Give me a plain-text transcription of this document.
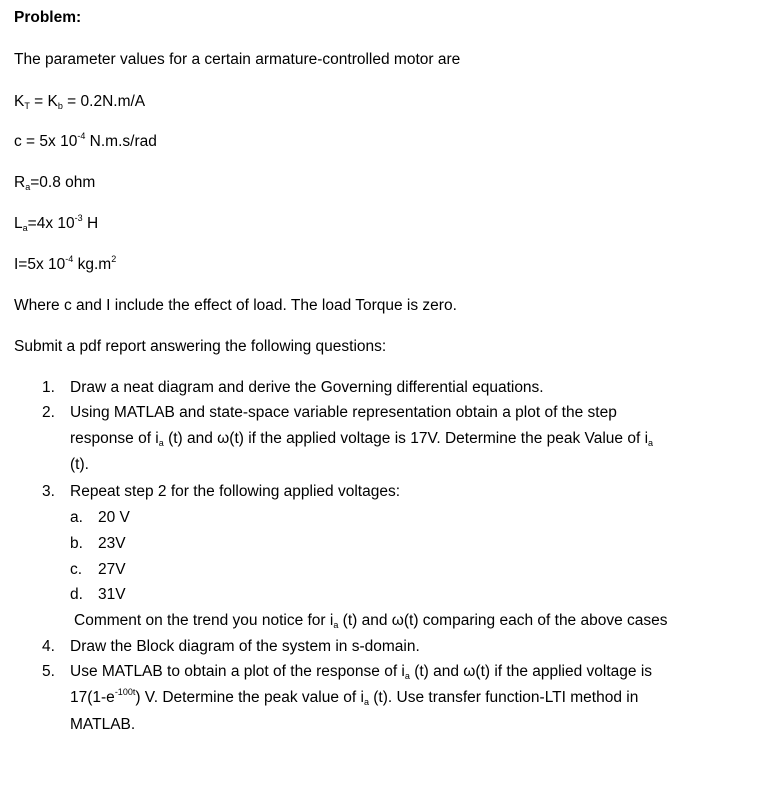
Problem:
The parameter values for a certain armature-controlled motor are
$K_T = K_b = 0.2N.m/A$
c = 5x $10^{-4}$ N.m.s/rad
$R_a=0.8$ ohm
$L_a=4x$ $10^{-3}$ H
I=5x $10^{-4}$ $kg.m^2$
Where c and I include the effect of load. The load Torque is zero.
Submit a pdf report answering the following questions:
1. Draw a neat diagram and derive the Governing differential equations.
2. Using MATLAB and state-space variable representation obtain a plot of the step
response of $i_a$ (t) and ω(t) if the applied voltage is 17V. Determine the peak Value of $i_a$
(t).
3. Repeat step 2 for the following applied voltages:
a. 20 V
b. 23V
c. 27V
d. 31V
Comment on the trend you notice for $i_a$ (t) and ω(t) comparing each of the above cases
4. Draw the Block diagram of the system in s-domain.
5. Use MATLAB to obtain a plot of the response of $i_a$ (t) and ω(t) if the applied voltage is
$17(1-e^{-100t})$ V. Determine the peak value of $i_a$ (t). Use transfer function-LTI method in
MATLAB.
